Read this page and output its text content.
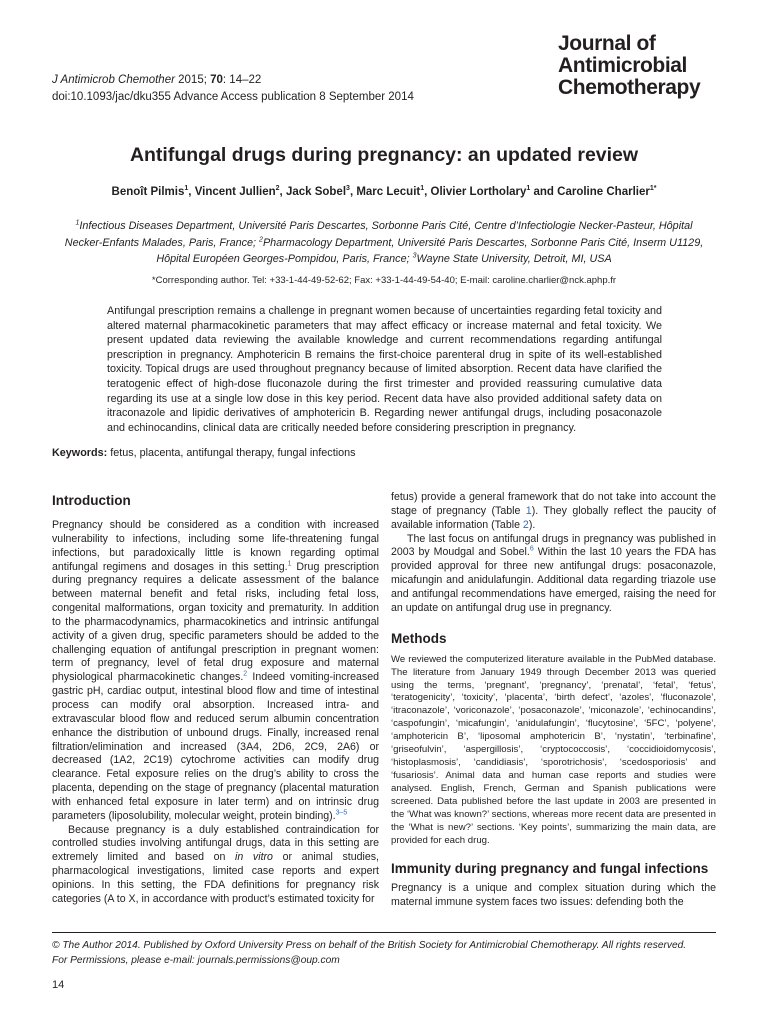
J Antimicrob Chemother 2015; 70: 14–22
doi:10.1093/jac/dku355 Advance Access publication 8 September 2014
Journal of
Antimicrobial
Chemotherapy
Antifungal drugs during pregnancy: an updated review
Benoît Pilmis$^1$, Vincent Jullien$^2$, Jack Sobel$^3$, Marc Lecuit$^1$, Olivier Lortholary$^1$ and Caroline Charlier$^{1*}$
$^1$Infectious Diseases Department, Université Paris Descartes, Sorbonne Paris Cité, Centre d’Infectiologie Necker-Pasteur, Hôpital Necker-Enfants Malades, Paris, France; $^2$Pharmacology Department, Université Paris Descartes, Sorbonne Paris Cité, Inserm U1129, Hôpital Européen Georges-Pompidou, Paris, France; $^3$Wayne State University, Detroit, MI, USA
*Corresponding author. Tel: +33-1-44-49-52-62; Fax: +33-1-44-49-54-40; E-mail: caroline.charlier@nck.aphp.fr
Antifungal prescription remains a challenge in pregnant women because of uncertainties regarding fetal toxicity and altered maternal pharmacokinetic parameters that may affect efficacy or increase maternal and fetal toxicity. We present updated data reviewing the available knowledge and current recommendations regarding antifungal prescription in pregnancy. Amphotericin B remains the first-choice parenteral drug in spite of its well-established toxicity. Topical drugs are used throughout pregnancy because of limited absorption. Recent data have clarified the teratogenic effect of high-dose fluconazole during the first trimester and provided reassuring cumulative data regarding its use at a single low dose in this key period. Recent data have also provided additional safety data on itraconazole and lipidic derivatives of amphotericin B. Regarding newer antifungal drugs, including posaconazole and echinocandins, clinical data are critically needed before considering prescription in pregnancy.
Keywords: fetus, placenta, antifungal therapy, fungal infections
Introduction

Pregnancy should be considered as a condition with increased vulnerability to infections, including some life-threatening fungal infections, but paradoxically little is known regarding optimal antifungal regimens and dosages in this setting.$^1$ Drug prescription during pregnancy requires a delicate assessment of the balance between maternal benefit and fetal risks, including fetal loss, congenital malformations, organ toxicity and prematurity. In addition to the pharmacodynamics, pharmacokinetics and intrinsic antifungal activity of a given drug, specific parameters should be added to the challenging equation of antifungal prescription in pregnant women: term of pregnancy, level of fetal drug exposure and maternal physiological pharmacokinetic changes.$^2$ Indeed vomiting-increased gastric pH, cardiac output, intestinal blood flow and time of intestinal process can modify oral absorption. Increased intra- and extravascular blood flow and reduced serum albumin concentration enhance the distribution of unbound drugs. Finally, increased renal filtration/elimination and increased (3A4, 2D6, 2C9, 2A6) or decreased (1A2, 2C19) cytochrome activities can modify drug clearance. Fetal exposure relies on the drug’s ability to cross the placenta, depending on the stage of pregnancy (placental maturation with enhanced fetal exposure in later term) and on intrinsic drug parameters (liposolubility, molecular weight, protein binding).$^{3-5}$

Because pregnancy is a duly established contraindication for controlled studies involving antifungal drugs, data in this setting are extremely limited and based on in vitro or animal studies, pharmacological investigations, limited case reports and expert opinions. In this setting, the FDA definitions for pregnancy risk categories (A to X, in accordance with product’s estimated toxicity for

fetus) provide a general framework that do not take into account the stage of pregnancy (Table 1). They globally reflect the paucity of available information (Table 2).

The last focus on antifungal drugs in pregnancy was published in 2003 by Moudgal and Sobel.$^6$ Within the last 10 years the FDA has provided approval for three new antifungal drugs: posaconazole, micafungin and anidulafungin. Additional data regarding triazole use and antifungal recommendations have emerged, raising the need for an update on antifungal drug use in pregnancy.

Methods

We reviewed the computerized literature available in the PubMed database. The literature from January 1949 through December 2013 was queried using the terms, ‘pregnant’, ‘pregnancy’, ‘prenatal’, ‘fetal’, ‘fetus’, ‘teratogenicity’, ‘toxicity’, ‘placenta’, ‘birth defect’, ‘azoles’, ‘fluconazole’, ‘itraconazole’, ‘voriconazole’, ‘posaconazole’, ‘miconazole’, ‘echinocandins’, ‘caspofungin’, ‘micafungin’, ‘anidulafungin’, ‘flucytosine’, ‘5FC’, ‘polyene’, ‘amphotericin B’, ‘liposomal amphotericin B’, ‘nystatin’, ‘terbinafine’, ‘griseofulvin’, ‘aspergillosis’, ‘cryptococcosis’, ‘coccidioidomycosis’, ‘histoplasmosis’, ‘candidiasis’, ‘sporotrichosis’, ‘scedosporiosis’ and ‘fusariosis’. Animal data and human case reports and studies were analysed. English, French, German and Spanish publications were screened. Data published before the last update in 2003 are presented in the ‘What was known?’ sections, whereas more recent data are presented in the ‘What is new?’ sections. ‘Key points’, summarizing the main data, are provided for each drug.

Immunity during pregnancy and fungal infections

Pregnancy is a unique and complex situation during which the maternal immune system faces two issues: defending both the

© The Author 2014. Published by Oxford University Press on behalf of the British Society for Antimicrobial Chemotherapy. All rights reserved.
For Permissions, please e-mail: journals.permissions@oup.com
14
